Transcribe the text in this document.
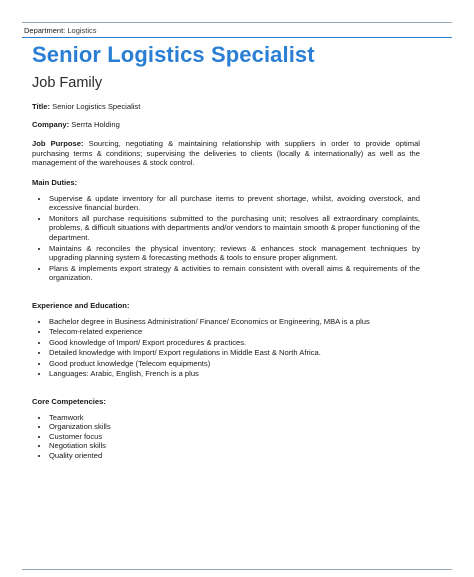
Department: Logistics
Senior Logistics Specialist
Job Family
Title: Senior Logistics Specialist
Company: Serrta Holding
Job Purpose: Sourcing, negotiating & maintaining relationship with suppliers in order to provide optimal purchasing terms & conditions; supervising the deliveries to clients (locally & internationally) as well as the management of the warehouses & stock control.
Main Duties:
• Supervise & update inventory for all purchase items to prevent shortage, whilst, avoiding overstock, and excessive financial burden.
• Monitors all purchase requisitions submitted to the purchasing unit; resolves all extraordinary complaints, problems, & difficult situations with departments and/or vendors to maintain smooth & proper functioning of the department.
• Maintains & reconciles the physical inventory; reviews & enhances stock management techniques by upgrading planning system & forecasting methods & tools to ensure proper alignment.
• Plans & implements export strategy & activities to remain consistent with overall aims & requirements of the organization.
Experience and Education:
• Bachelor degree in Business Administration/ Finance/ Economics or Engineering, MBA is a plus
• Telecom-related experience
• Good knowledge of Import/ Export procedures & practices.
• Detailed knowledge with Import/ Export regulations in Middle East & North Africa.
• Good product knowledge (Telecom equipments)
• Languages: Arabic, English, French is a plus
Core Competencies:
• Teamwork
• Organization skills
• Customer focus
• Negotiation skills
• Quality oriented
